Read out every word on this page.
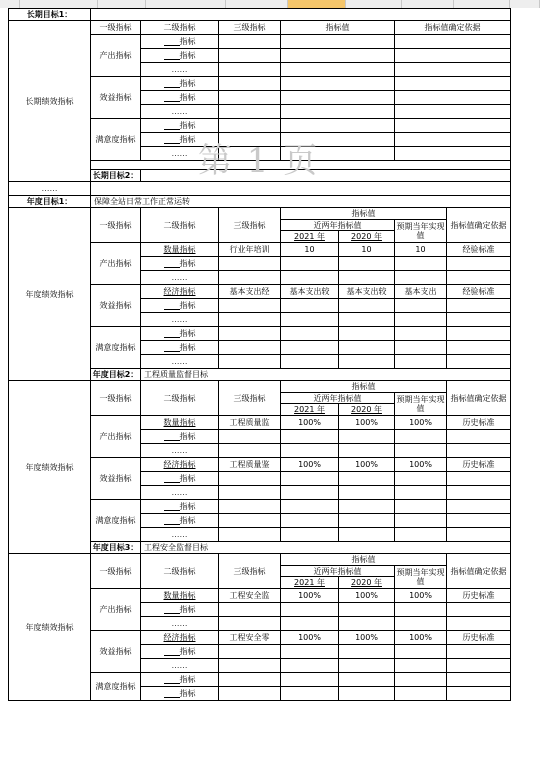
长期目标1：							
长期绩效指标	一级指标	二级指标	三级指标	指标值		指标值确定依据	
	产出指标	指标					
		指标					
		……					
	效益指标	指标					
		指标					
		……					
	满意度指标	指标					
		指标					
		……					

	长期目标2：						
……							
年度目标1：	保障全站日常工作正常运转						
年度绩效指标	一级指标	二级指标	三级指标	指标值			指标值确定依据
				近两年指标值		预期当年实现值	
				2021 年	2020 年		
	产出指标	数量指标	行业年培训	10	10	10	经验标准
		指标					
		……					
	效益指标	经济指标	基本支出经	基本支出较	基本支出较	基本支出	经验标准
		指标					
		……					
	满意度指标	指标					
		指标					
		……					
	年度目标2：	工程质量监督目标					
年度绩效指标	一级指标	二级指标	三级指标	指标值			指标值确定依据
				近两年指标值		预期当年实现值	
				2021 年	2020 年		
	产出指标	数量指标	工程质量监	100%	100%	100%	历史标准
		指标					
		……					
	效益指标	经济指标	工程质量鉴	100%	100%	100%	历史标准
		指标					
		……					
	满意度指标	指标					
		指标					
		……					
	年度目标3：	工程安全监督目标					
年度绩效指标	一级指标	二级指标	三级指标	指标值			指标值确定依据
				近两年指标值		预期当年实现值	
				2021 年	2020 年		
	产出指标	数量指标	工程安全监	100%	100%	100%	历史标准
		指标					
		……					
	效益指标	经济指标	工程安全零	100%	100%	100%	历史标准
		指标					
		……					
	满意度指标	指标					
		指标					
第 1 页
